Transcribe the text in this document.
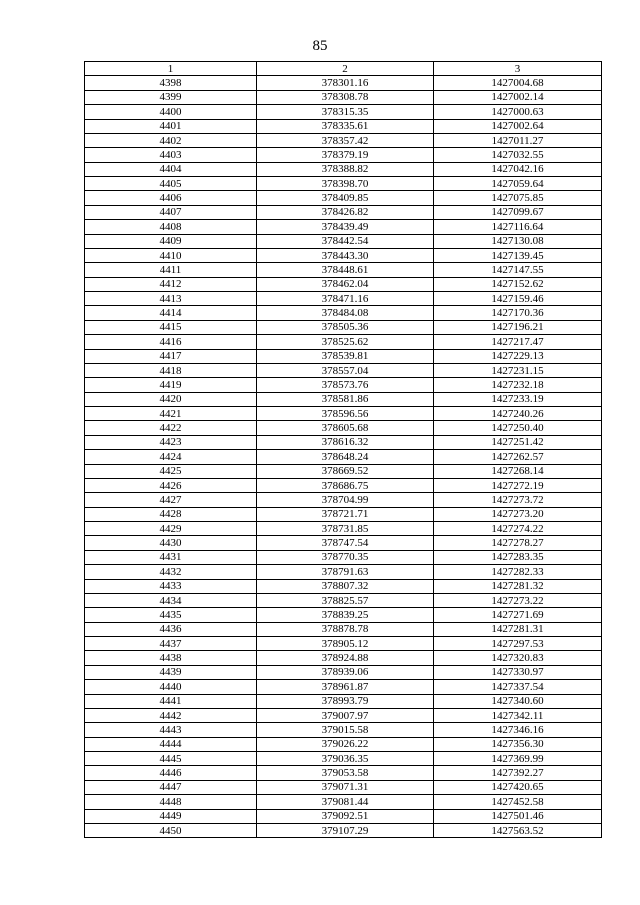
85
1	2	3
4398	378301.16	1427004.68
4399	378308.78	1427002.14
4400	378315.35	1427000.63
4401	378335.61	1427002.64
4402	378357.42	1427011.27
4403	378379.19	1427032.55
4404	378388.82	1427042.16
4405	378398.70	1427059.64
4406	378409.85	1427075.85
4407	378426.82	1427099.67
4408	378439.49	1427116.64
4409	378442.54	1427130.08
4410	378443.30	1427139.45
4411	378448.61	1427147.55
4412	378462.04	1427152.62
4413	378471.16	1427159.46
4414	378484.08	1427170.36
4415	378505.36	1427196.21
4416	378525.62	1427217.47
4417	378539.81	1427229.13
4418	378557.04	1427231.15
4419	378573.76	1427232.18
4420	378581.86	1427233.19
4421	378596.56	1427240.26
4422	378605.68	1427250.40
4423	378616.32	1427251.42
4424	378648.24	1427262.57
4425	378669.52	1427268.14
4426	378686.75	1427272.19
4427	378704.99	1427273.72
4428	378721.71	1427273.20
4429	378731.85	1427274.22
4430	378747.54	1427278.27
4431	378770.35	1427283.35
4432	378791.63	1427282.33
4433	378807.32	1427281.32
4434	378825.57	1427273.22
4435	378839.25	1427271.69
4436	378878.78	1427281.31
4437	378905.12	1427297.53
4438	378924.88	1427320.83
4439	378939.06	1427330.97
4440	378961.87	1427337.54
4441	378993.79	1427340.60
4442	379007.97	1427342.11
4443	379015.58	1427346.16
4444	379026.22	1427356.30
4445	379036.35	1427369.99
4446	379053.58	1427392.27
4447	379071.31	1427420.65
4448	379081.44	1427452.58
4449	379092.51	1427501.46
4450	379107.29	1427563.52
